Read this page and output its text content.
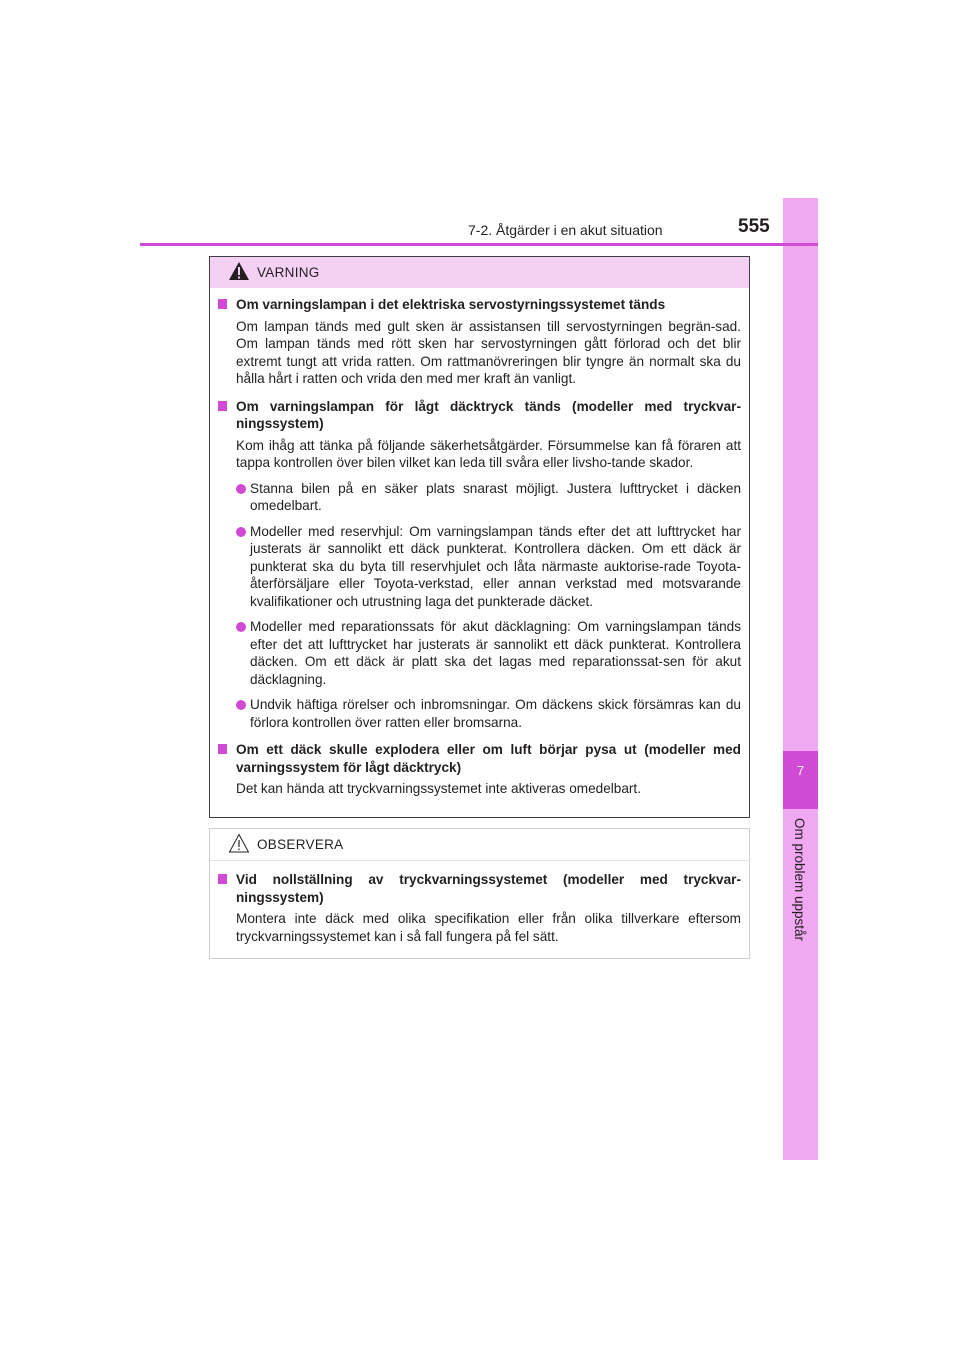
7
Om problem uppstår
7-2. Åtgärder i en akut situation	555
VARNING
Om varningslampan i det elektriska servostyrningssystemet tänds
Om lampan tänds med gult sken är assistansen till servostyrningen begrän-sad. Om lampan tänds med rött sken har servostyrningen gått förlorad och det blir extremt tungt att vrida ratten. Om rattmanövreringen blir tyngre än normalt ska du hålla hårt i ratten och vrida den med mer kraft än vanligt.
Om varningslampan för lågt däcktryck tänds (modeller med tryckvar-ningssystem)
Kom ihåg att tänka på följande säkerhetsåtgärder. Försummelse kan få föraren att tappa kontrollen över bilen vilket kan leda till svåra eller livsho-tande skador.
Stanna bilen på en säker plats snarast möjligt. Justera lufttrycket i däcken omedelbart.
Modeller med reservhjul: Om varningslampan tänds efter det att lufttrycket har justerats är sannolikt ett däck punkterat. Kontrollera däcken. Om ett däck är punkterat ska du byta till reservhjulet och låta närmaste auktorise-rade Toyota-återförsäljare eller Toyota-verkstad, eller annan verkstad med motsvarande kvalifikationer och utrustning laga det punkterade däcket.
Modeller med reparationssats för akut däcklagning: Om varningslampan tänds efter det att lufttrycket har justerats är sannolikt ett däck punkterat. Kontrollera däcken. Om ett däck är platt ska det lagas med reparationssat-sen för akut däcklagning.
Undvik häftiga rörelser och inbromsningar. Om däckens skick försämras kan du förlora kontrollen över ratten eller bromsarna.
Om ett däck skulle explodera eller om luft börjar pysa ut (modeller med varningssystem för lågt däcktryck)
Det kan hända att tryckvarningssystemet inte aktiveras omedelbart.
OBSERVERA
Vid nollställning av tryckvarningssystemet (modeller med tryckvar-ningssystem)
Montera inte däck med olika specifikation eller från olika tillverkare eftersom tryckvarningssystemet kan i så fall fungera på fel sätt.
